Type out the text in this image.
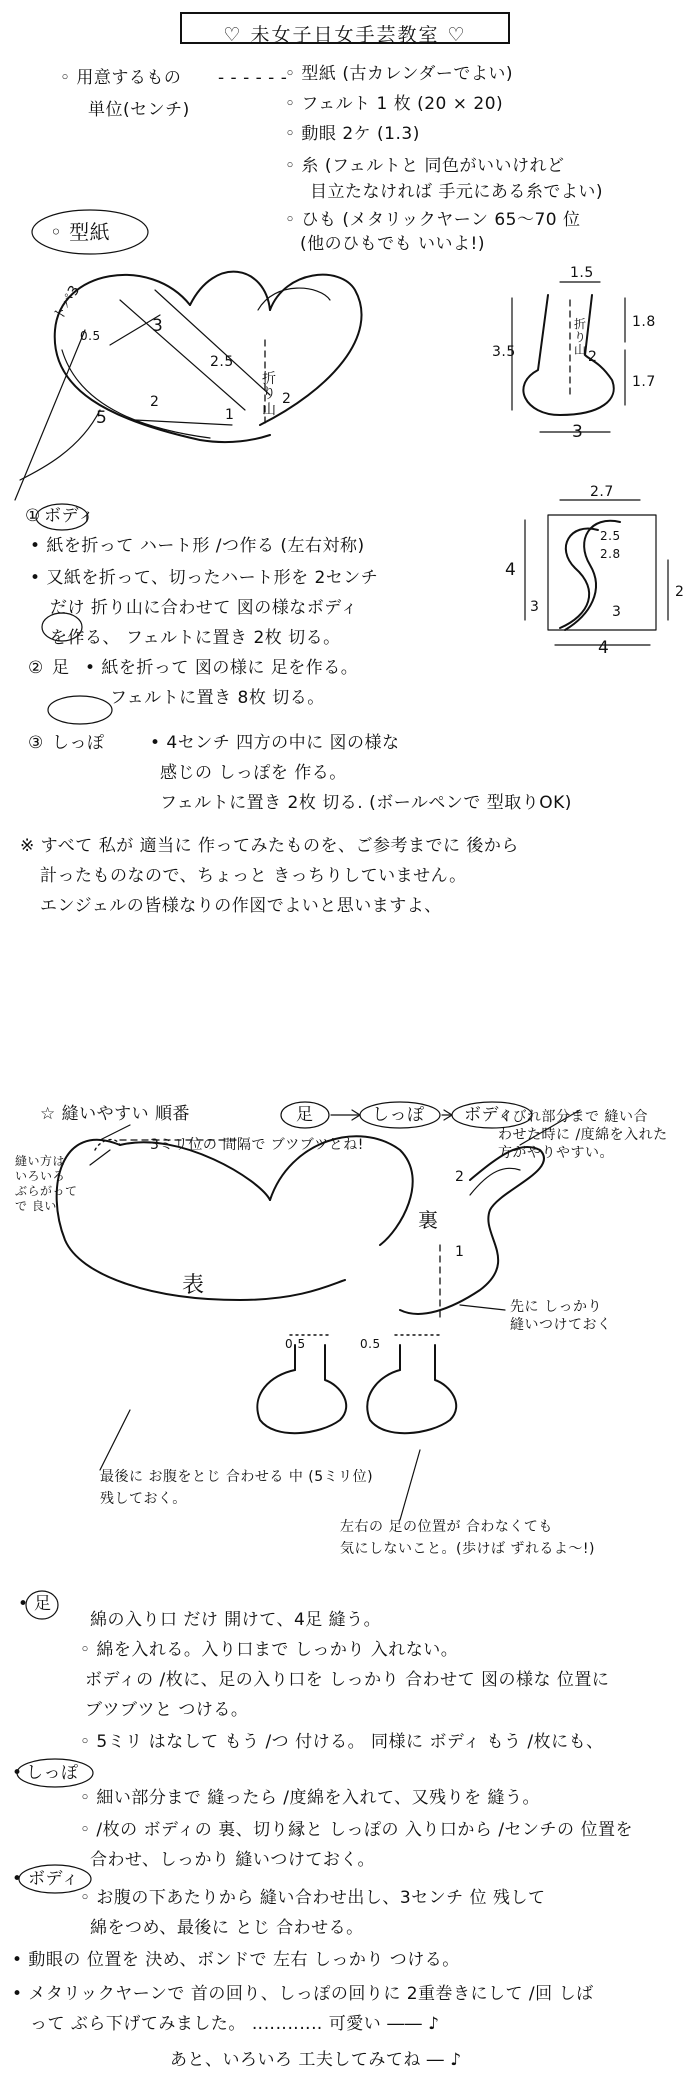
♡ 未女子日女手芸教室 ♡
◦ 用意するもの - - - - - -
単位(センチ)
◦ 型紙 (古カレンダーでよい)
◦ フェルト 1 枚 (20 × 20)
◦ 動眼 2ケ (1.3)
◦ 糸 (フェルトと 同色がいいけれど
目立たなければ 手元にある糸でよい)
◦ ひも (メタリックヤーン 65〜70 位
(他のひもでも いいよ!)
◦ 型紙
トパ3
0.5	3
2.5
5
折り山
2
2
1
1.5
折り山 2
3.5
1.8
1.7
3
2.7
2.5
2.8
4
3
2
3
4
① ボディ
• 紙を折って ハート形 /つ作る (左右対称)
• 又紙を折って、切ったハート形を 2センチ
だけ 折り山に合わせて 図の様なボディ
を作る、 フェルトに置き 2枚 切る。
② 足 • 紙を折って 図の様に 足を作る。
フェルトに置き 8枚 切る。
③ しっぽ	• 4センチ 四方の中に 図の様な
感じの しっぽを 作る。
フェルトに置き 2枚 切る. (ボールペンで 型取りOK)
※ すべて 私が 適当に 作ってみたものを、ご参考までに 後から
計ったものなので、ちょっと きっちりしていません。
エンジェルの皆様なりの作図でよいと思いますよ、
☆ 縫いやすい 順番	足	しっぽ ボディ
3ミリ位の 間隔で ブツブツとね!
縫い方は
いろいろ
ぶらがって
で 良い
くびれ部分まで 縫い合
わせた時に /度綿を入れた
方がやりやすい。
表
裏
0.5	0.5
2
1
先に しっかり
縫いつけておく
最後に お腹をとじ 合わせる 中 (5ミリ位)
残しておく。
左右の 足の位置が 合わなくても
気にしないこと。(歩けば ずれるよ〜!)
• 足
綿の入り口 だけ 開けて、4足 縫う。
◦ 綿を入れる。入り口まで しっかり 入れない。
ボディの /枚に、足の入り口を しっかり 合わせて 図の様な 位置に
ブツブツと つける。
◦ 5ミリ はなして もう /つ 付ける。 同様に ボディ もう /枚にも、
• しっぽ
◦ 細い部分まで 縫ったら /度綿を入れて、又残りを 縫う。
◦ /枚の ボディの 裏、切り縁と しっぽの 入り口から /センチの 位置を
合わせ、しっかり 縫いつけておく。
• ボディ
◦ お腹の下あたりから 縫い合わせ出し、3センチ 位 残して
綿をつめ、最後に とじ 合わせる。
• 動眼の 位置を 決め、ボンドで 左右 しっかり つける。
• メタリックヤーンで 首の回り、しっぽの回りに 2重巻きにして /回 しば
って ぶら下げてみました。 ‥‥‥‥‥‥ 可愛い ―― ♪
あと、いろいろ 工夫してみてね ― ♪
